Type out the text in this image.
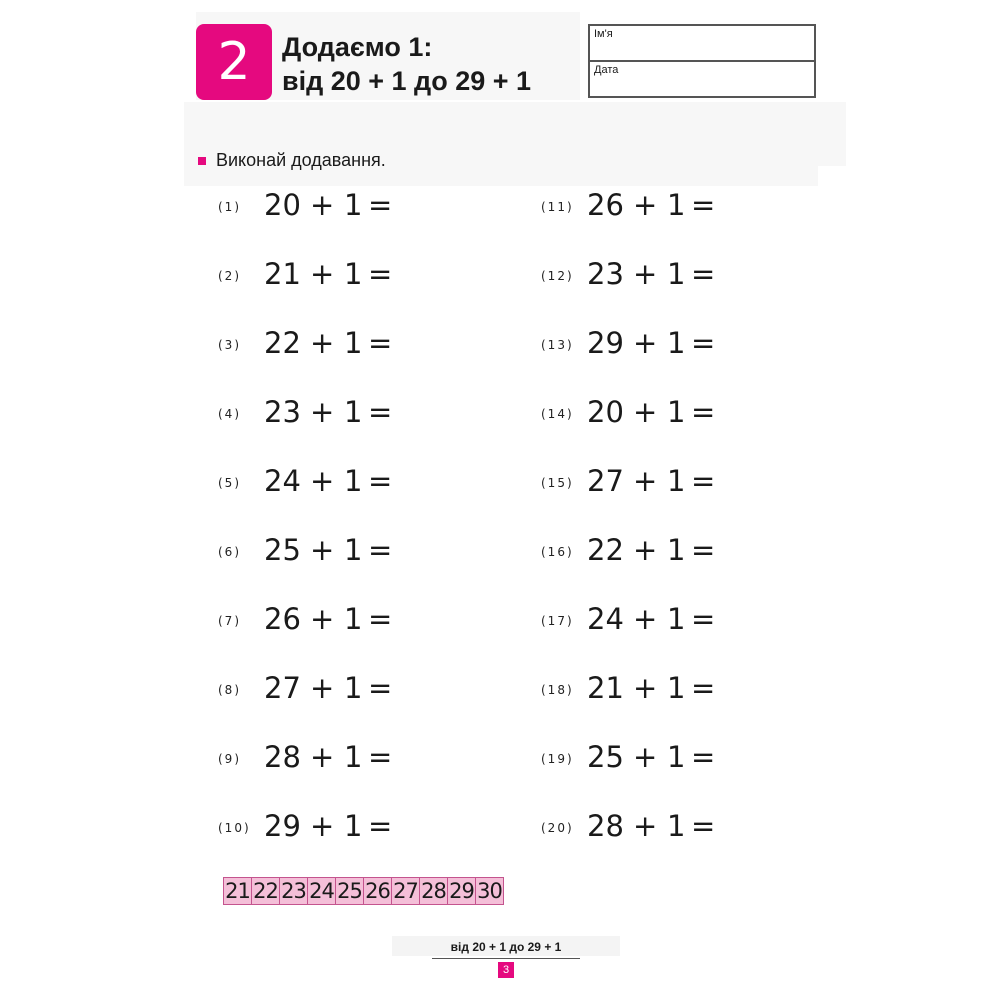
2	Додаємо 1:
від 20 + 1 до 29 + 1
Ім'я
Дата
Виконай додавання.
(1) 20 + 1 =
(2) 21 + 1 =
(3) 22 + 1 =
(4) 23 + 1 =
(5) 24 + 1 =
(6) 25 + 1 =
(7) 26 + 1 =
(8) 27 + 1 =
(9) 28 + 1 =
(10) 29 + 1 =
(11) 26 + 1 =
(12) 23 + 1 =
(13) 29 + 1 =
(14) 20 + 1 =
(15) 27 + 1 =
(16) 22 + 1 =
(17) 24 + 1 =
(18) 21 + 1 =
(19) 25 + 1 =
(20) 28 + 1 =
21 22 23 24 25 26 27 28 29 30
від 20 + 1 до 29 + 1
3
